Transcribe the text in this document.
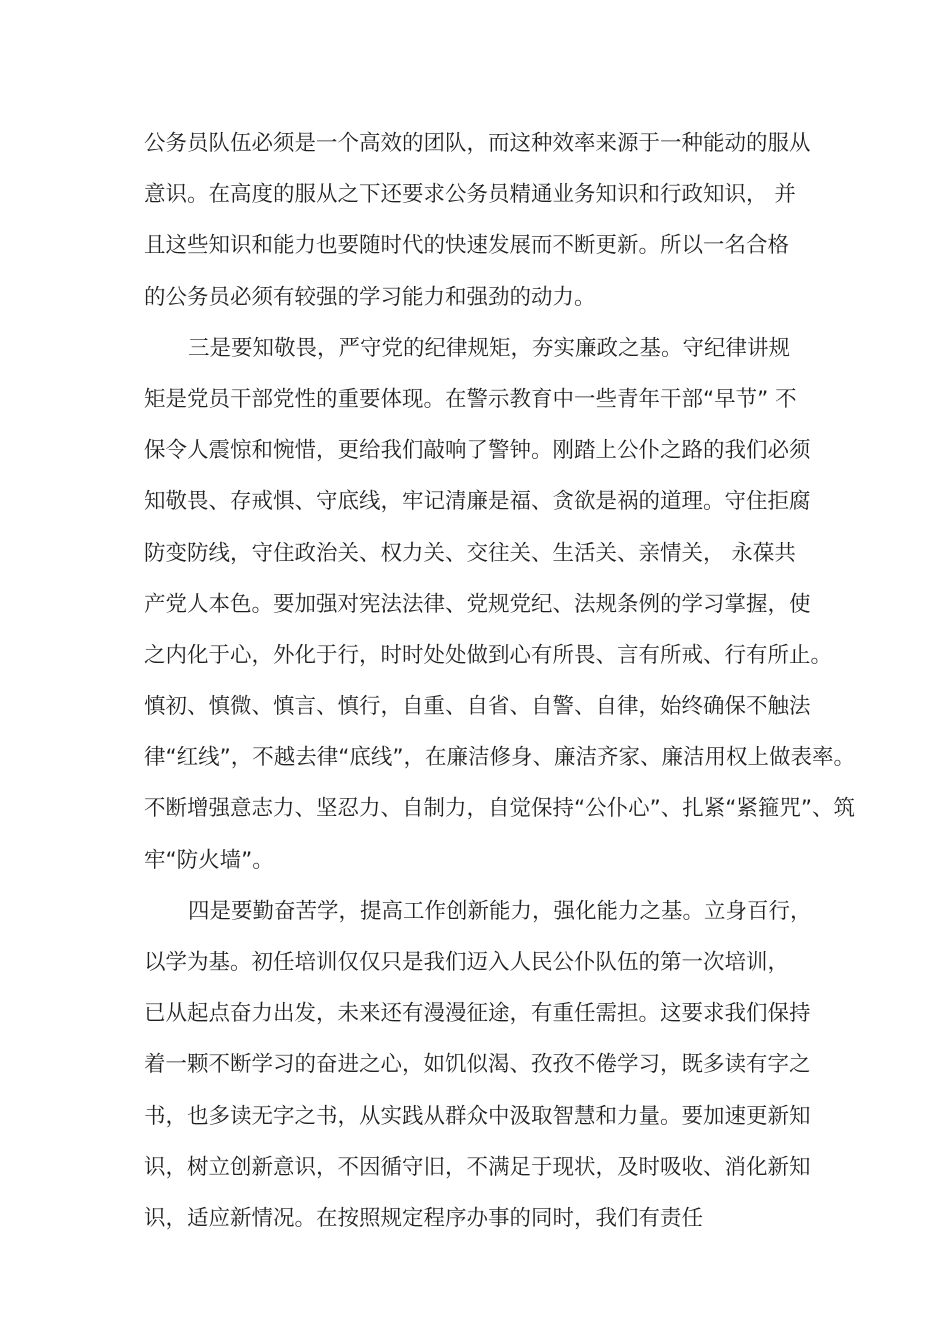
公务员队伍必须是一个高效的团队，而这种效率来源于一种能动的服从
意识。在高度的服从之下还要求公务员精通业务知识和行政知识， 并
且这些知识和能力也要随时代的快速发展而不断更新。所以一名合格
的公务员必须有较强的学习能力和强劲的动力。
三是要知敬畏，严守党的纪律规矩，夯实廉政之基。守纪律讲规
矩是党员干部党性的重要体现。在警示教育中一些青年干部“早节” 不
保令人震惊和惋惜，更给我们敲响了警钟。刚踏上公仆之路的我们必须
知敬畏、存戒惧、守底线，牢记清廉是福、贪欲是祸的道理。守住拒腐
防变防线，守住政治关、权力关、交往关、生活关、亲情关， 永葆共
产党人本色。要加强对宪法法律、党规党纪、法规条例的学习掌握，使
之内化于心，外化于行，时时处处做到心有所畏、言有所戒、行有所止。
慎初、慎微、慎言、慎行，自重、自省、自警、自律，始终确保不触法
律“红线”，不越去律“底线”，在廉洁修身、廉洁齐家、廉洁用权上做表率。
不断增强意志力、坚忍力、自制力，自觉保持“公仆心”、扎紧“紧箍咒”、筑
牢“防火墙”。
四是要勤奋苦学，提高工作创新能力，强化能力之基。立身百行，
以学为基。初任培训仅仅只是我们迈入人民公仆队伍的第一次培训，
已从起点奋力出发，未来还有漫漫征途，有重任需担。这要求我们保持
着一颗不断学习的奋进之心，如饥似渴、孜孜不倦学习，既多读有字之
书，也多读无字之书，从实践从群众中汲取智慧和力量。要加速更新知
识，树立创新意识，不因循守旧，不满足于现状，及时吸收、消化新知
识，适应新情况。在按照规定程序办事的同时，我们有责任
